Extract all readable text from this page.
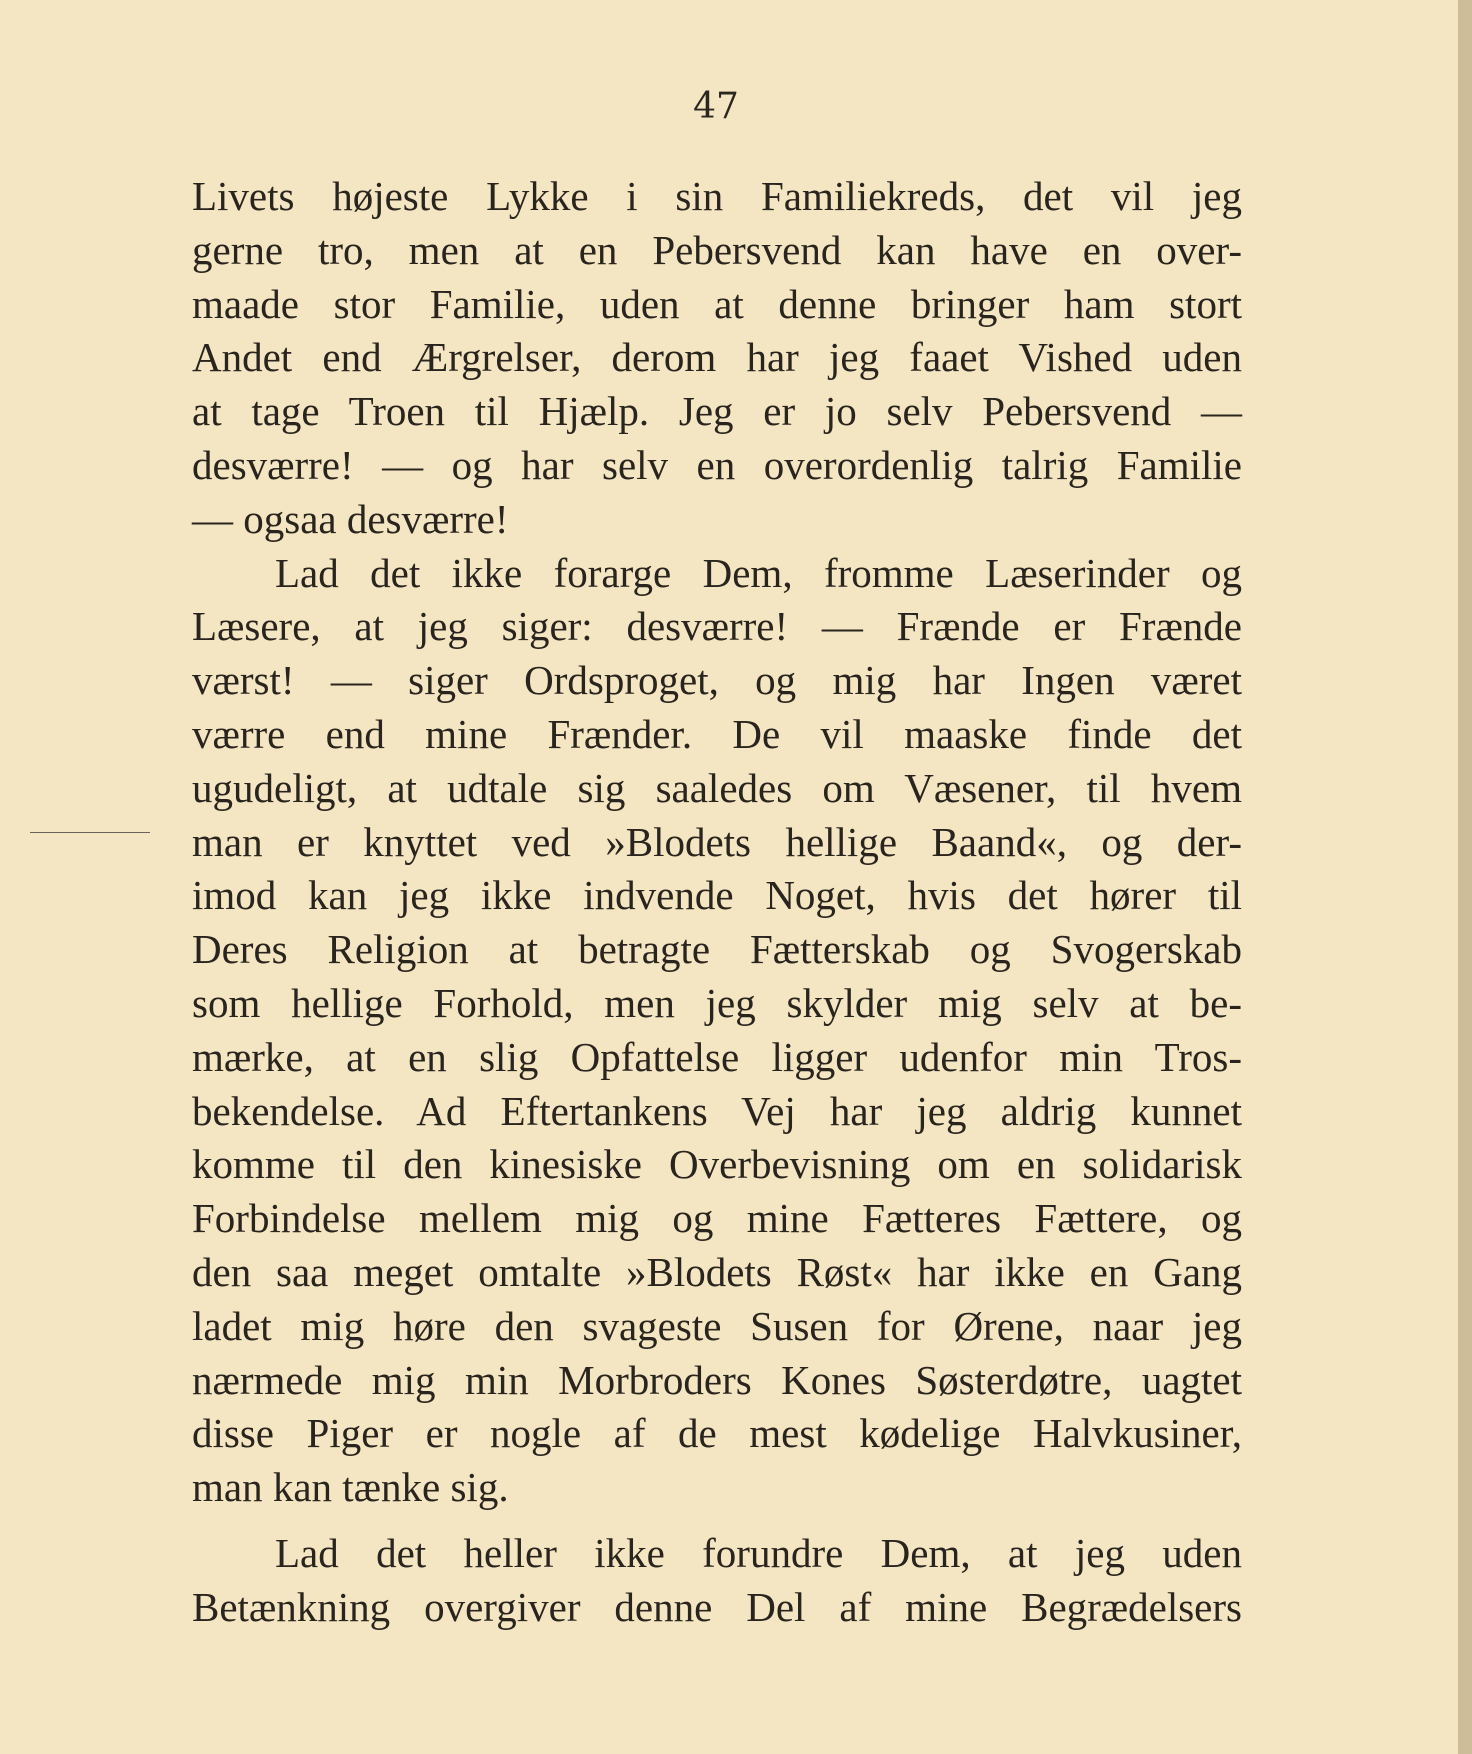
47
Livets højeste Lykke i sin Familiekreds, det vil jeg
gerne tro, men at en Pebersvend kan have en over-
maade stor Familie, uden at denne bringer ham stort
Andet end Ærgrelser, derom har jeg faaet Vished uden
at tage Troen til Hjælp. Jeg er jo selv Pebersvend —
desværre! — og har selv en overordenlig talrig Familie
— ogsaa desværre!
Lad det ikke forarge Dem, fromme Læserinder og
Læsere, at jeg siger: desværre! — Frænde er Frænde
værst! — siger Ordsproget, og mig har Ingen været
værre end mine Frænder. De vil maaske finde det
ugudeligt, at udtale sig saaledes om Væsener, til hvem
man er knyttet ved »Blodets hellige Baand«, og der-
imod kan jeg ikke indvende Noget, hvis det hører til
Deres Religion at betragte Fætterskab og Svogerskab
som hellige Forhold, men jeg skylder mig selv at be-
mærke, at en slig Opfattelse ligger udenfor min Tros-
bekendelse. Ad Eftertankens Vej har jeg aldrig kunnet
komme til den kinesiske Overbevisning om en solidarisk
Forbindelse mellem mig og mine Fætteres Fættere, og
den saa meget omtalte »Blodets Røst« har ikke en Gang
ladet mig høre den svageste Susen for Ørene, naar jeg
nærmede mig min Morbroders Kones Søsterdøtre, uagtet
disse Piger er nogle af de mest kødelige Halvkusiner,
man kan tænke sig.
Lad det heller ikke forundre Dem, at jeg uden
Betænkning overgiver denne Del af mine Begrædelsers
